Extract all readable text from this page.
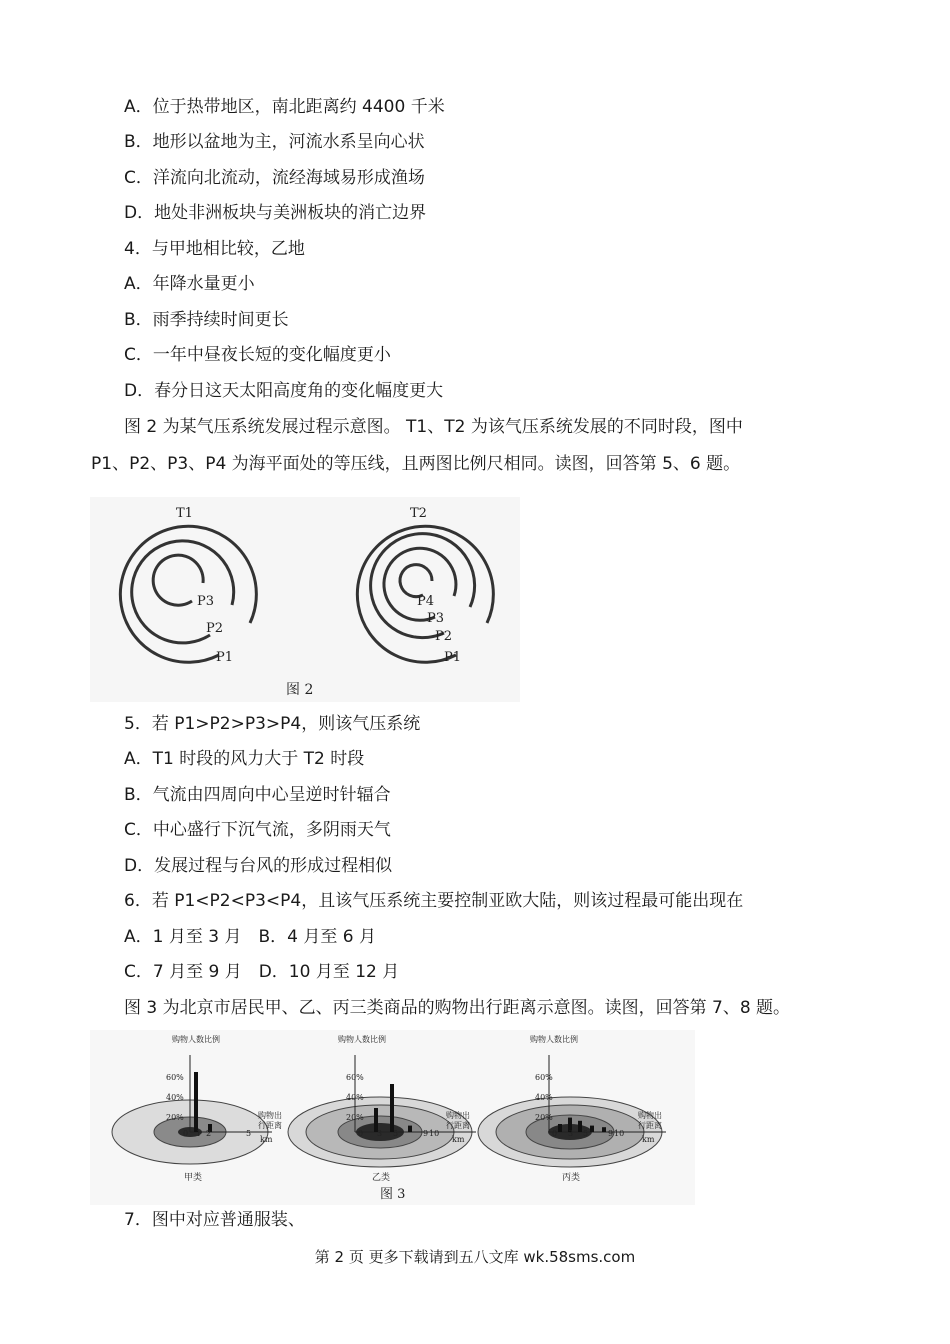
A．位于热带地区，南北距离约 4400 千米
B．地形以盆地为主，河流水系呈向心状
C．洋流向北流动，流经海域易形成渔场
D．地处非洲板块与美洲板块的消亡边界
4．与甲地相比较，乙地
A．年降水量更小
B．雨季持续时间更长
C．一年中昼夜长短的变化幅度更小
D．春分日这天太阳高度角的变化幅度更大
图 2 为某气压系统发展过程示意图。 T1、T2 为该气压系统发展的不同时段，图中
P1、P2、P3、P4 为海平面处的等压线，且两图比例尺相同。读图，回答第 5、6 题。
T1
P3
P2
P1
T2
P4
P3
P2
P1
图 2
5．若 P1>P2>P3>P4，则该气压系统
A．T1 时段的风力大于 T2 时段
B．气流由四周向中心呈逆时针辐合
C．中心盛行下沉气流，多阴雨天气
D．发展过程与台风的形成过程相似
6．若 P1<P2<P3<P4，且该气压系统主要控制亚欧大陆，则该过程最可能出现在
A．1 月至 3 月　B．4 月至 6 月
C．7 月至 9 月　D．10 月至 12 月
图 3 为北京市居民甲、乙、丙三类商品的购物出行距离示意图。读图，回答第 7、8 题。
购物人数比例
60%
40%
20%
0 1 2	5
购物出
行距离
km
甲类
购物人数比例
60%
40%
20%
0 3 5	9 10
购物出
行距离
km
乙类
购物人数比例
60%
40%
20%
0 3 5 9 10
购物出
行距离
km
丙类
图 3
7．图中对应普通服装、
第 2 页 更多下载请到五八文库 wk.58sms.com
